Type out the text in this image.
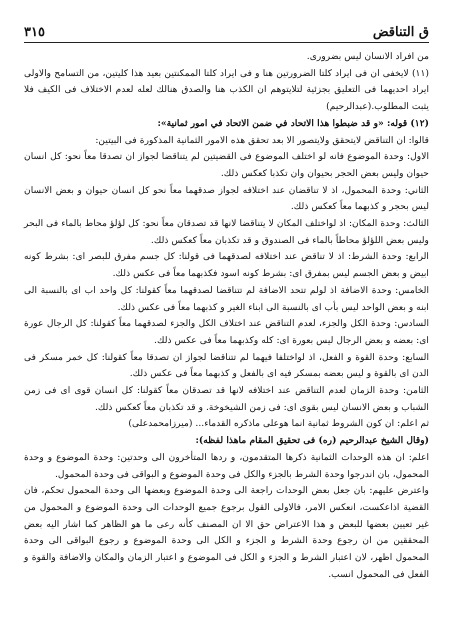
ق التناقض
٣١٥

من افراد الانسان ليس بضرورى.

(١١) لايخفى ان فى ايراد كلتا الضرورتين هنا و فى ايراد كلتا الممكنتين بعيد هذا كليتين، من التسامح والاولى ايراد احديهما فى التعليق بجزئية لتلايتوهم ان الكذب هنا والصدق هنالك لعله لعدم الاختلاف فى الكيف فلا يثبت المطلوب.(عبدالرحيم)

(١٢) قوله: «و قد ضبطوا هذا الاتحاد في ضمن الاتحاد في امور ثمانية»:

قالوا: ان التناقض لايتحقق ولايتصور الا بعد تحقق هذه الامور الثمانية المذكورة فى البيتين:

الاول: وحدة الموضوع فانه لو اختلف الموضوع فى القضيتين لم يتناقضا لجواز ان تصدقا معاً نحو: كل انسان حيوان وليس بعض الحجر بحيوان وان تكذبا كعكس ذلك.

الثاني: وحدة المحمول، اذ لا تناقضان عند اختلافه لجواز صدقهما معاً نحو كل انسان حيوان و بعض الانسان ليس بحجر و كذبهما معاً كعكس ذلك.

الثالث: وحدة المكان: اذ لواختلف المكان لا يتناقضا لانها قد تصدقان معاً نحو: كل لؤلؤ محاط بالماء فى البحر وليس بعض اللؤلؤ محاطاً بالماء فى الصندوق و قد تكذبان معاً كعكس ذلك.

الرابع: وحدة الشرط: اذ لا تناقض عند اختلافه لصدقهما فى قولنا: كل جسم مفرق للبصر اى: بشرط كونه ابيض و بعض الجسم ليس بمفرق اى: بشرط كونه اسود فكذبهما معاً فى عكس ذلك.

الخامس: وحدة الاضافة اذ لولم تتحد الاضافة لم تتناقضا لصدقهما معاً كقولنا: كل واحد اب اى بالنسبة الى ابنه و بعض الواحد ليس بأب اى بالنسبة الى ابناء الغير و كذبهما معاً فى عكس ذلك.

السادس: وحدة الكل والجزء، لعدم التناقض عند اختلاف الكل والجزء لصدقهما معاً كقولنا: كل الرجال عورة اى: بعضه و بعض الرجال ليس بعورة اى: كله وكذبهما معاً فى عكس ذلك.

السابع: وحدة القوة و الفعل، اذ لواختلفا فيهما لم تتناقضا لجواز ان تصدقا معاً كقولنا: كل خمر مسكر فى الدن اى بالقوة و ليس بعضه بمسكر فيه اى بالفعل و كذبهما معاً فى عكس ذلك.

الثامن: وحدة الزمان لعدم التناقض عند اختلافه لانها قد تصدقان معاً كقولنا: كل انسان قوى اى فى زمن الشباب و بعض الانسان ليس بقوى اى: فى زمن الشيخوخة. و قد تكذبان معاً كعكس ذلك.

ثم اعلم: ان كون الشروط ثمانية انما هوعلى ماذكره القدماء... (ميرزامحمدعلى)

(وقال الشيخ عبدالرحيم (ره) فى تحقيق المقام ماهذا لفظه):

اعلم: ان هذه الوحدات الثمانية ذكرها المتقدمون، و ردها المتأخرون الى وحدتين: وحدة الموضوع و وحدة المحمول، بان اندرجوا وحدة الشرط بالجزء والكل فى وحدة الموضوع و البواقى فى وحدة المحمول.

واعترض عليهم: بان جعل بعض الوحدات راجعة الى وحدة الموضوع وبعضها الى وحدة المحمول تحكم، فان القضية اذاعكست، انعكس الامر، فالاولى القول برجوع جميع الوحدات الى وحدة الموضوع و المحمول من غير تعيين بعضها للبعض و هذا الاعتراض حق الا ان المصنف كأنه رعى ما هو الظاهر كما اشار اليه بعض المحققين من ان رجوع وحدة الشرط و الجزء و الكل الى وحدة الموضوع و رجوع البواقى الى وحدة المحمول اظهر، لان اعتبار الشرط و الجزء و الكل فى الموضوع و اعتبار الزمان والمكان والاضافة والقوة و الفعل فى المحمول انسب.
